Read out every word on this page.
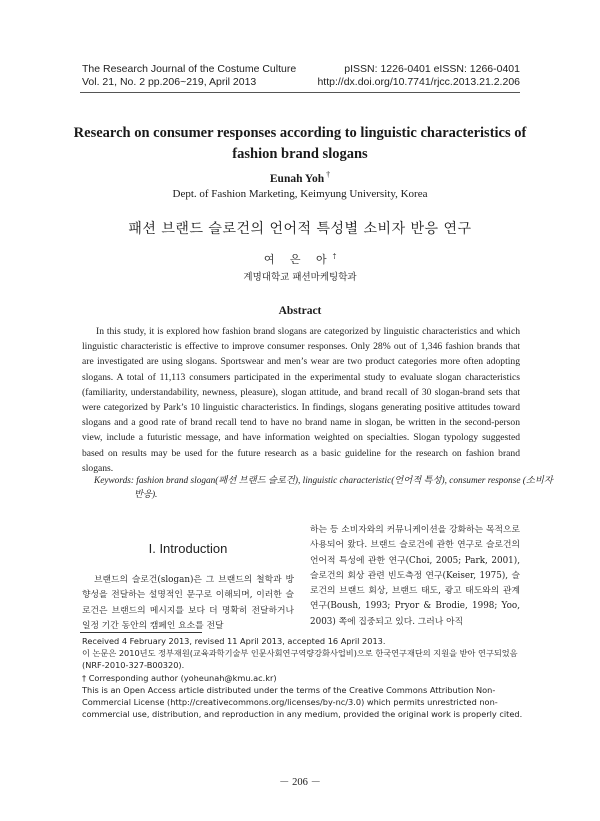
The Research Journal of the Costume Culture
Vol. 21, No. 2 pp.206~219, April 2013
pISSN: 1226-0401 eISSN: 1266-0401
http://dx.doi.org/10.7741/rjcc.2013.21.2.206
Research on consumer responses according to linguistic characteristics of fashion brand slogans
Eunah Yoh †
Dept. of Fashion Marketing, Keimyung University, Korea
패션 브랜드 슬로건의 언어적 특성별 소비자 반응 연구
여 은 아†
계명대학교 패션마케팅학과
Abstract

In this study, it is explored how fashion brand slogans are categorized by linguistic characteristics and which linguistic characteristic is effective to improve consumer responses. Only 28% out of 1,346 fashion brands that are investigated are using slogans. Sportswear and men’s wear are two product categories more often adopting slogans. A total of 11,113 consumers participated in the experimental study to evaluate slogan characteristics (familiarity, understandability, newness, pleasure), slogan attitude, and brand recall of 30 slogan-brand sets that were categorized by Park’s 10 linguistic characteristics. In findings, slogans generating positive attitudes toward slogans and a good rate of brand recall tend to have no brand name in slogan, be written in the second-person view, include a futuristic message, and have information weighted on specialties. Slogan typology suggested based on results may be used for the future research as a basic guideline for the research on fashion brand slogans.

Keywords: fashion brand slogan(패션 브랜드 슬로건), linguistic characteristic(언어적 특성), consumer response (소비자 반응).

I. Introduction

브랜드의 슬로건(slogan)은 그 브랜드의 철학과 방향성을 전달하는 설명적인 문구로 이해되며, 이러한 슬로건은 브랜드의 메시지를 보다 더 명확히 전달하거나 일정 기간 동안의 캠페인 요소를 전달

하는 등 소비자와의 커뮤니케이션을 강화하는 목적으로 사용되어 왔다. 브랜드 슬로건에 관한 연구로 슬로건의 언어적 특성에 관한 연구(Choi, 2005; Park, 2001), 슬로건의 회상 관련 빈도측정 연구(Keiser, 1975), 슬로건의 브랜드 회상, 브랜드 태도, 광고 태도와의 관계 연구(Boush, 1993; Pryor & Brodie, 1998; Yoo, 2003) 쪽에 집중되고 있다. 그러나 아직

Received 4 February 2013, revised 11 April 2013, accepted 16 April 2013.

이 논문은 2010년도 정부재원(교육과학기술부 인문사회연구역량강화사업비)으로 한국연구재단의 지원을 받아 연구되었음(NRF-2010-327-B00320).

† Corresponding author (yoheunah@kmu.ac.kr)

This is an Open Access article distributed under the terms of the Creative Commons Attribution Non-Commercial License (http://creativecommons.org/licenses/by-nc/3.0) which permits unrestricted non-commercial use, distribution, and reproduction in any medium, provided the original work is properly cited.

－ 206 －
